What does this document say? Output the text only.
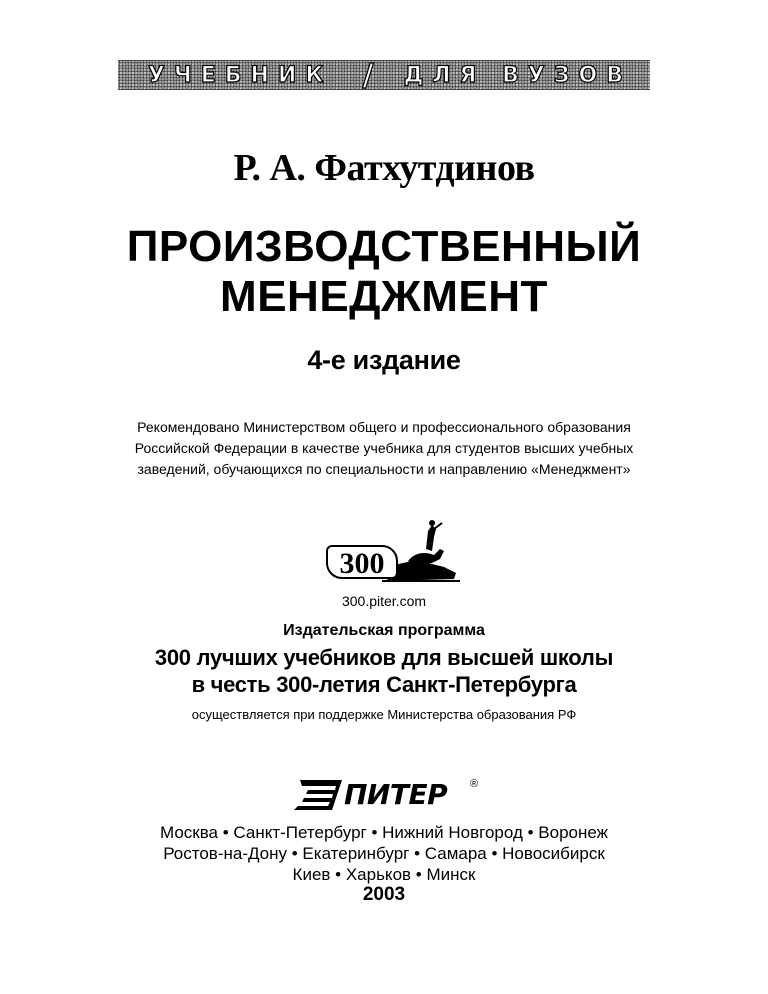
УЧЕБНИК / ДЛЯ ВУЗОВ
Р. А. Фатхутдинов
ПРОИЗВОДСТВЕННЫЙ
МЕНЕДЖМЕНТ
4-е издание
Рекомендовано Министерством общего и профессионального образования
Российской Федерации в качестве учебника для студентов высших учебных
заведений, обучающихся по специальности и направлению «Менеджмент»
300
300.piter.com
Издательская программа
300 лучших учебников для высшей школы
в честь 300-летия Санкт-Петербурга
осуществляется при поддержке Министерства образования РФ
ПИТЕР ®
Москва • Санкт-Петербург • Нижний Новгород • Воронеж
Ростов-на-Дону • Екатеринбург • Самара • Новосибирск
Киев • Харьков • Минск
2003
